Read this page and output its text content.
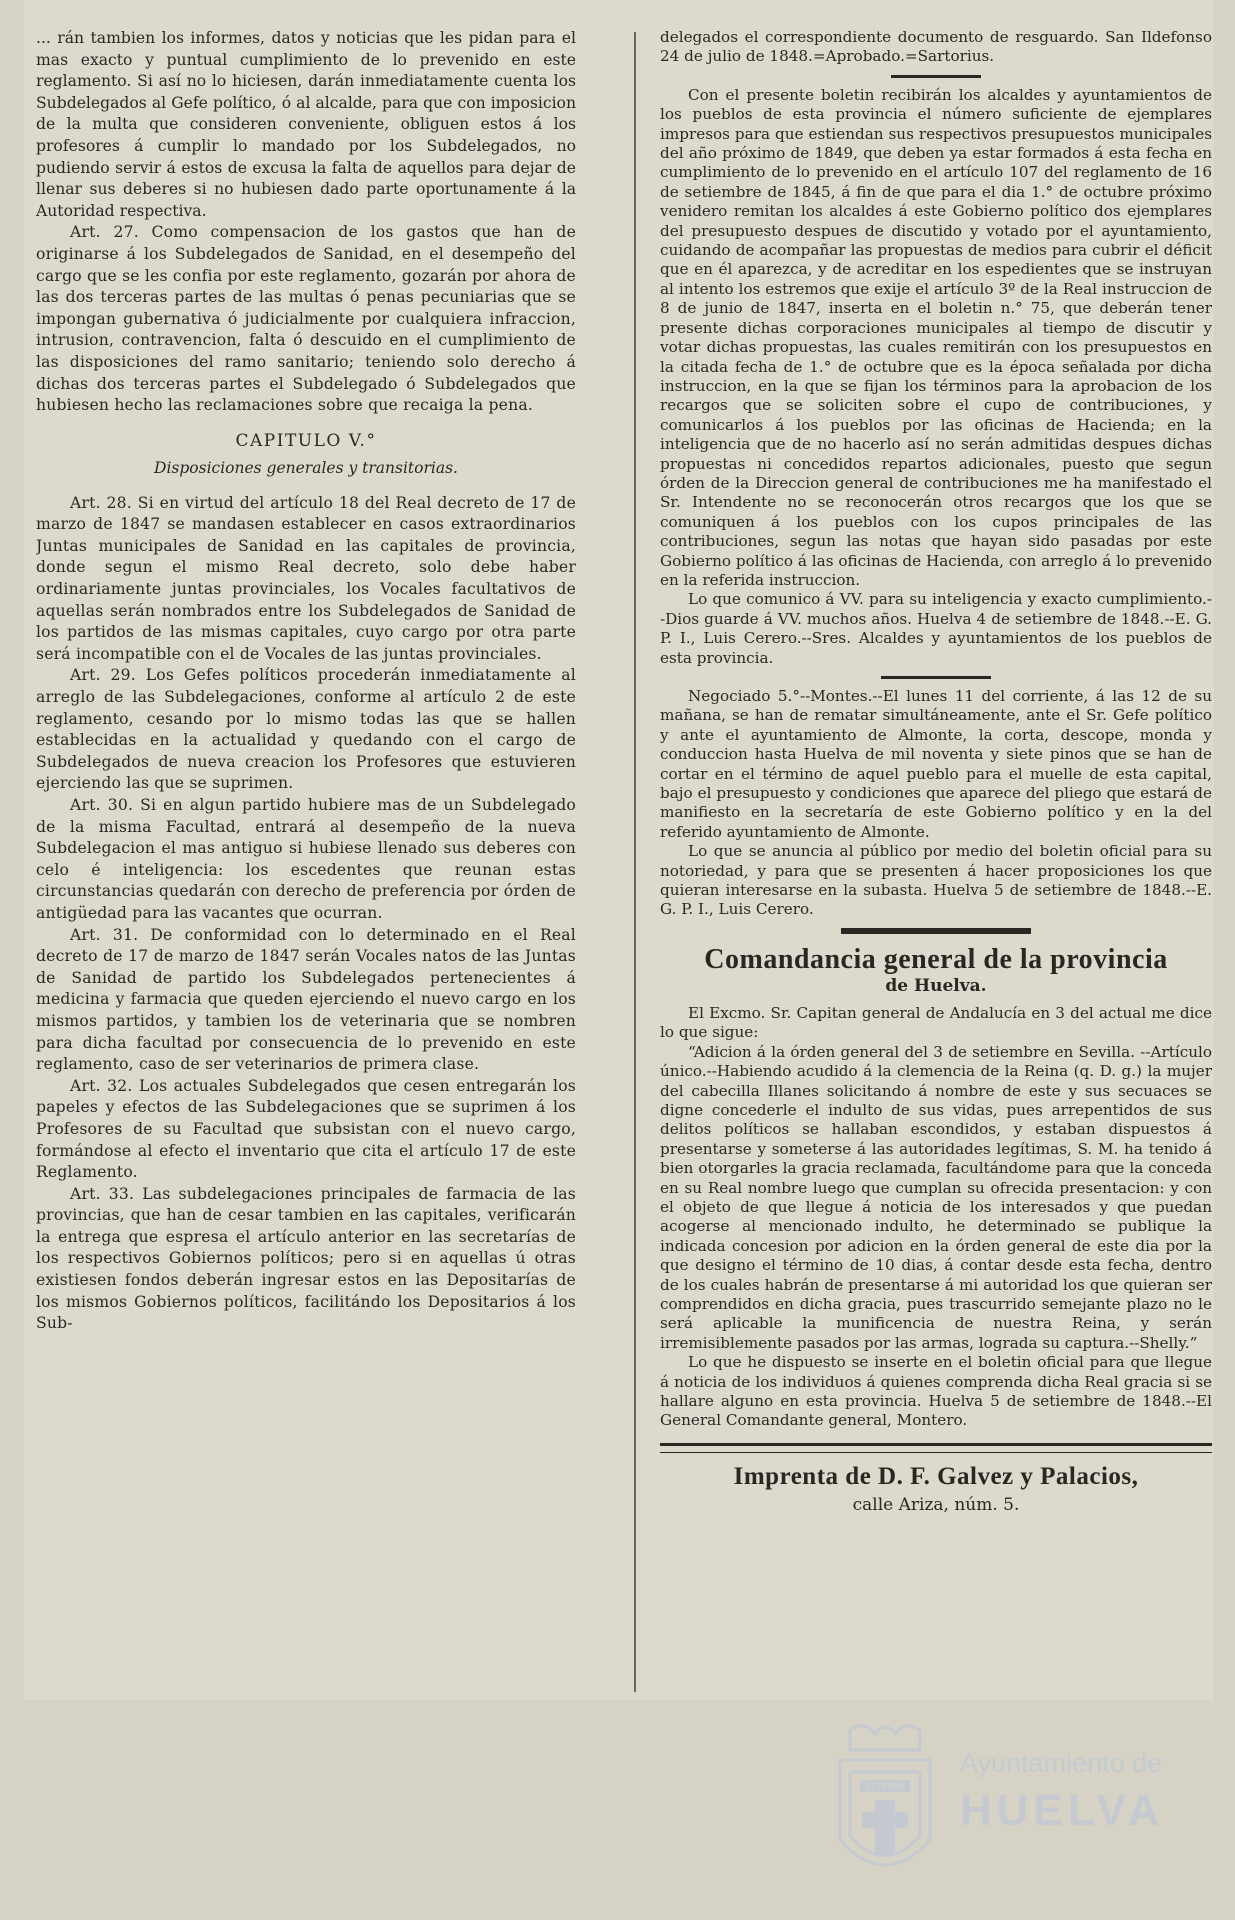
... rán tambien los informes, datos y noticias que les pidan para el mas exacto y puntual cumplimiento de lo prevenido en este reglamento. Si así no lo hiciesen, darán inmediatamente cuenta los Subdelegados al Gefe político, ó al alcalde, para que con imposicion de la multa que consideren conveniente, obliguen estos á los profesores á cumplir lo mandado por los Subdelegados, no pudiendo servir á estos de excusa la falta de aquellos para dejar de llenar sus deberes si no hubiesen dado parte oportunamente á la Autoridad respectiva.

Art. 27. Como compensacion de los gastos que han de originarse á los Subdelegados de Sanidad, en el desempeño del cargo que se les confia por este reglamento, gozarán por ahora de las dos terceras partes de las multas ó penas pecuniarias que se impongan gubernativa ó judicialmente por cualquiera infraccion, intrusion, contravencion, falta ó descuido en el cumplimiento de las disposiciones del ramo sanitario; teniendo solo derecho á dichas dos terceras partes el Subdelegado ó Subdelegados que hubiesen hecho las reclamaciones sobre que recaiga la pena.

CAPITULO V.°
Disposiciones generales y transitorias.

Art. 28. Si en virtud del artículo 18 del Real decreto de 17 de marzo de 1847 se mandasen establecer en casos extraordinarios Juntas municipales de Sanidad en las capitales de provincia, donde segun el mismo Real decreto, solo debe haber ordinariamente juntas provinciales, los Vocales facultativos de aquellas serán nombrados entre los Subdelegados de Sanidad de los partidos de las mismas capitales, cuyo cargo por otra parte será incompatible con el de Vocales de las juntas provinciales.

Art. 29. Los Gefes políticos procederán inmediatamente al arreglo de las Subdelegaciones, conforme al artículo 2 de este reglamento, cesando por lo mismo todas las que se hallen establecidas en la actualidad y quedando con el cargo de Subdelegados de nueva creacion los Profesores que estuvieren ejerciendo las que se suprimen.

Art. 30. Si en algun partido hubiere mas de un Subdelegado de la misma Facultad, entrará al desempeño de la nueva Subdelegacion el mas antiguo si hubiese llenado sus deberes con celo é inteligencia: los escedentes que reunan estas circunstancias quedarán con derecho de preferencia por órden de antigüedad para las vacantes que ocurran.

Art. 31. De conformidad con lo determinado en el Real decreto de 17 de marzo de 1847 serán Vocales natos de las Juntas de Sanidad de partido los Subdelegados pertenecientes á medicina y farmacia que queden ejerciendo el nuevo cargo en los mismos partidos, y tambien los de veterinaria que se nombren para dicha facultad por consecuencia de lo prevenido en este reglamento, caso de ser veterinarios de primera clase.

Art. 32. Los actuales Subdelegados que cesen entregarán los papeles y efectos de las Subdelegaciones que se suprimen á los Profesores de su Facultad que subsistan con el nuevo cargo, formándose al efecto el inventario que cita el artículo 17 de este Reglamento.

Art. 33. Las subdelegaciones principales de farmacia de las provincias, que han de cesar tambien en las capitales, verificarán la entrega que espresa el artículo anterior en las secretarías de los respectivos Gobiernos políticos; pero si en aquellas ú otras existiesen fondos deberán ingresar estos en las Depositarías de los mismos Gobiernos políticos, facilitándo los Depositarios á los Sub-

delegados el correspondiente documento de resguardo. San Ildefonso 24 de julio de 1848.=Aprobado.=Sartorius.

Con el presente boletin recibirán los alcaldes y ayuntamientos de los pueblos de esta provincia el número suficiente de ejemplares impresos para que estiendan sus respectivos presupuestos municipales del año próximo de 1849, que deben ya estar formados á esta fecha en cumplimiento de lo prevenido en el artículo 107 del reglamento de 16 de setiembre de 1845, á fin de que para el dia 1.° de octubre próximo venidero remitan los alcaldes á este Gobierno político dos ejemplares del presupuesto despues de discutido y votado por el ayuntamiento, cuidando de acompañar las propuestas de medios para cubrir el déficit que en él aparezca, y de acreditar en los espedientes que se instruyan al intento los estremos que exije el artículo 3º de la Real instruccion de 8 de junio de 1847, inserta en el boletin n.° 75, que deberán tener presente dichas corporaciones municipales al tiempo de discutir y votar dichas propuestas, las cuales remitirán con los presupuestos en la citada fecha de 1.° de octubre que es la época señalada por dicha instruccion, en la que se fijan los términos para la aprobacion de los recargos que se soliciten sobre el cupo de contribuciones, y comunicarlos á los pueblos por las oficinas de Hacienda; en la inteligencia que de no hacerlo así no serán admitidas despues dichas propuestas ni concedidos repartos adicionales, puesto que segun órden de la Direccion general de contribuciones me ha manifestado el Sr. Intendente no se reconocerán otros recargos que los que se comuniquen á los pueblos con los cupos principales de las contribuciones, segun las notas que hayan sido pasadas por este Gobierno político á las oficinas de Hacienda, con arreglo á lo prevenido en la referida instruccion.

Lo que comunico á VV. para su inteligencia y exacto cumplimiento.--Dios guarde á VV. muchos años. Huelva 4 de setiembre de 1848.--E. G. P. I., Luis Cerero.--Sres. Alcaldes y ayuntamientos de los pueblos de esta provincia.

Negociado 5.°--Montes.--El lunes 11 del corriente, á las 12 de su mañana, se han de rematar simultáneamente, ante el Sr. Gefe político y ante el ayuntamiento de Almonte, la corta, descope, monda y conduccion hasta Huelva de mil noventa y siete pinos que se han de cortar en el término de aquel pueblo para el muelle de esta capital, bajo el presupuesto y condiciones que aparece del pliego que estará de manifiesto en la secretaría de este Gobierno político y en la del referido ayuntamiento de Almonte.

Lo que se anuncia al público por medio del boletin oficial para su notoriedad, y para que se presenten á hacer proposiciones los que quieran interesarse en la subasta. Huelva 5 de setiembre de 1848.--E. G. P. I., Luis Cerero.

Comandancia general de la provincia
de Huelva.

El Excmo. Sr. Capitan general de Andalucía en 3 del actual me dice lo que sigue:

“Adicion á la órden general del 3 de setiembre en Sevilla. --Artículo único.--Habiendo acudido á la clemencia de la Reina (q. D. g.) la mujer del cabecilla Illanes solicitando á nombre de este y sus secuaces se digne concederle el indulto de sus vidas, pues arrepentidos de sus delitos políticos se hallaban escondidos, y estaban dispuestos á presentarse y someterse á las autoridades legítimas, S. M. ha tenido á bien otorgarles la gracia reclamada, facultándome para que la conceda en su Real nombre luego que cumplan su ofrecida presentacion: y con el objeto de que llegue á noticia de los interesados y que puedan acogerse al mencionado indulto, he determinado se publique la indicada concesion por adicion en la órden general de este dia por la que designo el término de 10 dias, á contar desde esta fecha, dentro de los cuales habrán de presentarse á mi autoridad los que quieran ser comprendidos en dicha gracia, pues trascurrido semejante plazo no le será aplicable la munificencia de nuestra Reina, y serán irremisiblemente pasados por las armas, lograda su captura.--Shelly.”

Lo que he dispuesto se inserte en el boletin oficial para que llegue á noticia de los individuos á quienes comprenda dicha Real gracia si se hallare alguno en esta provincia. Huelva 5 de setiembre de 1848.--El General Comandante general, Montero.

Imprenta de D. F. Galvez y Palacios,
calle Ariza, núm. 5.
ET TERRA
Ayuntamiento de
HUELVA
